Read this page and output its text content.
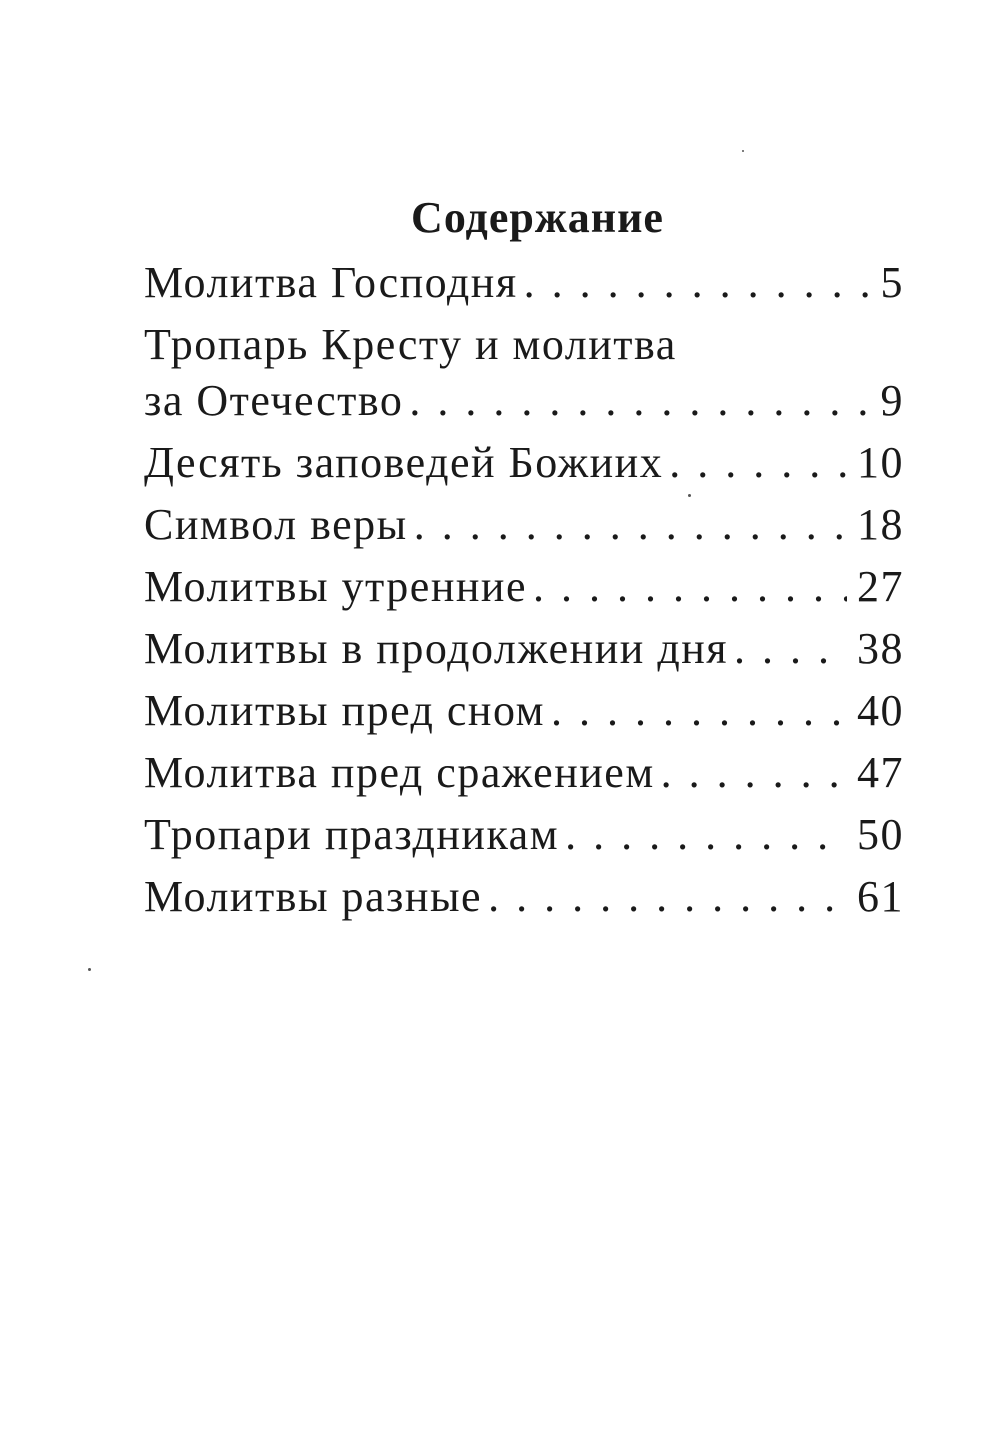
Содержание
Молитва Господня . . .	5
Тропарь Кресту и молитва
за Отечество . . .	9
Десять заповедей Божиих . . .	10
Символ веры . . .	18
Молитвы утренние . . .	27
Молитвы в продолжении дня . . .	38
Молитвы пред сном . . .	40
Молитва пред сражением . . .	47
Тропари праздникам . . .	50
Молитвы разные . . .	61
